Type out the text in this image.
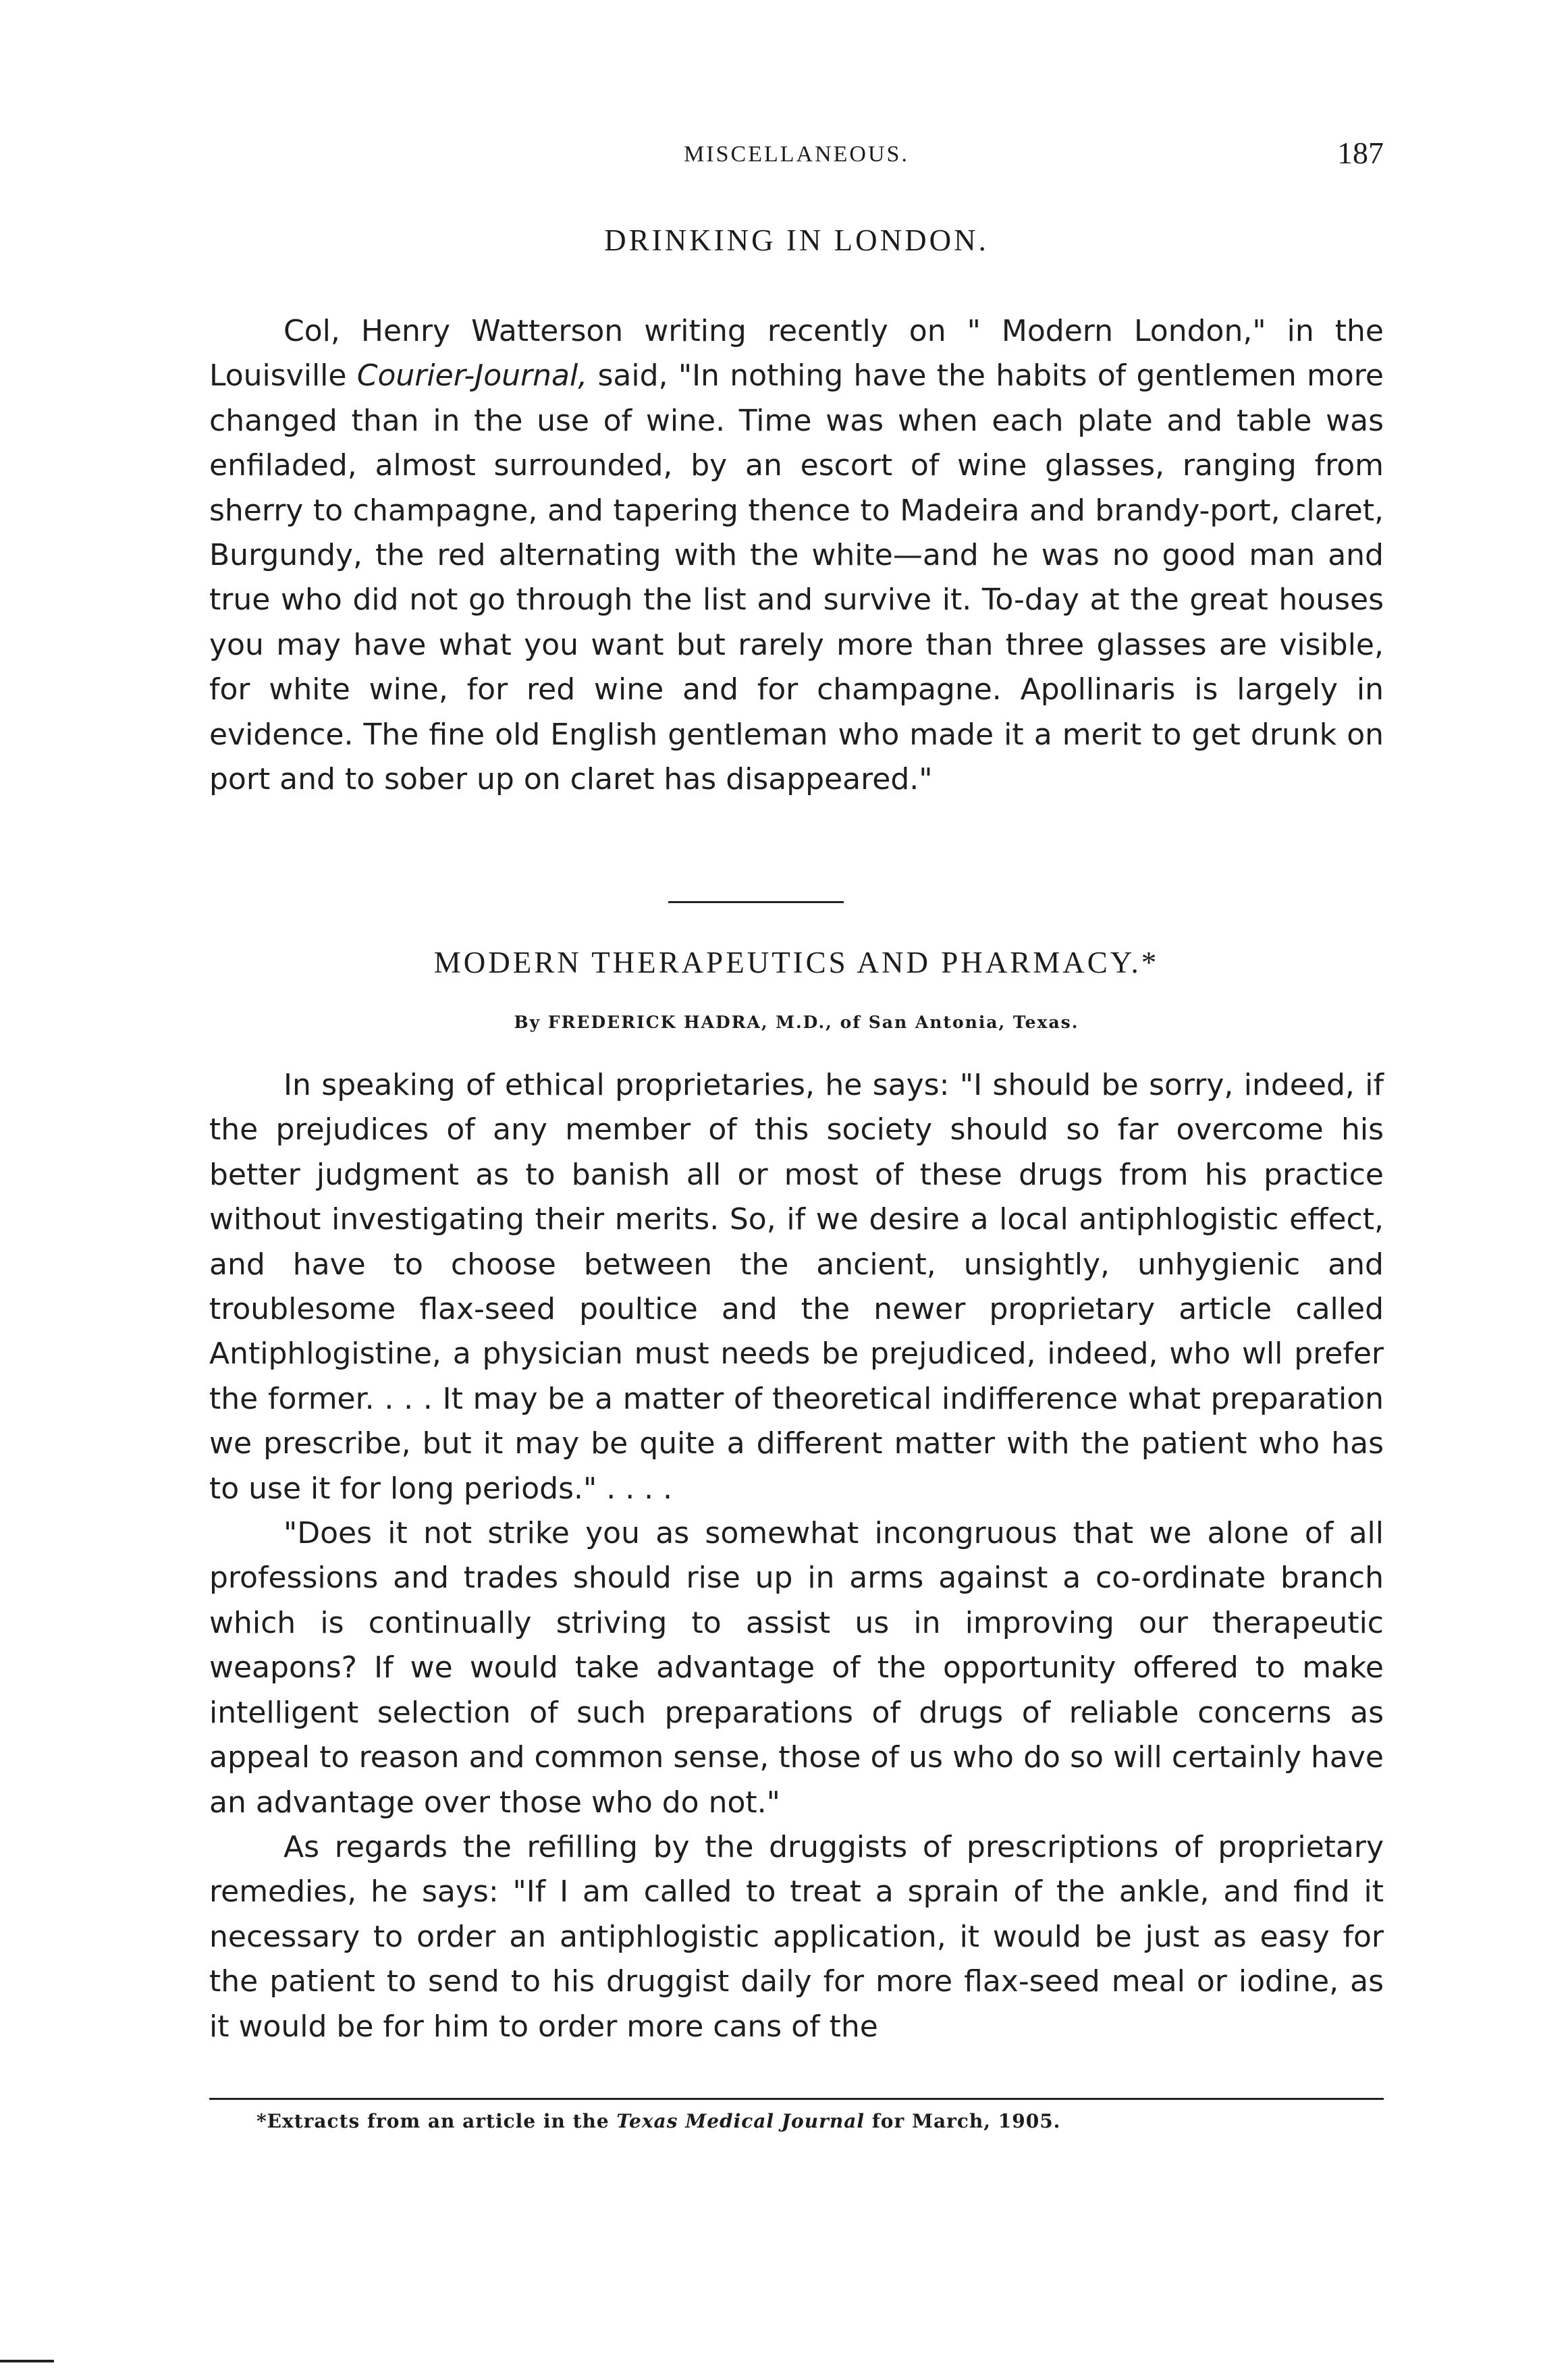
MISCELLANEOUS.	187
DRINKING IN LONDON.

Col, Henry Watterson writing recently on " Modern London," in the Louisville Courier-Journal, said, "In nothing have the habits of gentlemen more changed than in the use of wine. Time was when each plate and table was enfiladed, almost surrounded, by an escort of wine glasses, ranging from sherry to champagne, and tapering thence to Madeira and brandy-port, claret, Burgundy, the red alternating with the white—and he was no good man and true who did not go through the list and survive it. To-day at the great houses you may have what you want but rarely more than three glasses are visible, for white wine, for red wine and for champagne. Apollinaris is largely in evidence. The fine old English gentleman who made it a merit to get drunk on port and to sober up on claret has disappeared."

MODERN THERAPEUTICS AND PHARMACY.*
By FREDERICK HADRA, M.D., of San Antonia, Texas.

In speaking of ethical proprietaries, he says: "I should be sorry, indeed, if the prejudices of any member of this society should so far overcome his better judgment as to banish all or most of these drugs from his practice without investigating their merits. So, if we desire a local antiphlogistic effect, and have to choose between the ancient, unsightly, unhygienic and troublesome flax-seed poultice and the newer proprietary article called Antiphlogistine, a physician must needs be prejudiced, indeed, who wll prefer the former. . . . It may be a matter of theoretical indifference what preparation we prescribe, but it may be quite a different matter with the patient who has to use it for long periods." . . . .

"Does it not strike you as somewhat incongruous that we alone of all professions and trades should rise up in arms against a co-ordinate branch which is continually striving to assist us in improving our therapeutic weapons? If we would take advantage of the opportunity offered to make intelligent selection of such preparations of drugs of reliable concerns as appeal to reason and common sense, those of us who do so will certainly have an advantage over those who do not."

As regards the refilling by the druggists of prescriptions of proprietary remedies, he says: "If I am called to treat a sprain of the ankle, and find it necessary to order an antiphlogistic application, it would be just as easy for the patient to send to his druggist daily for more flax-seed meal or iodine, as it would be for him to order more cans of the

*Extracts from an article in the Texas Medical Journal for March, 1905.
